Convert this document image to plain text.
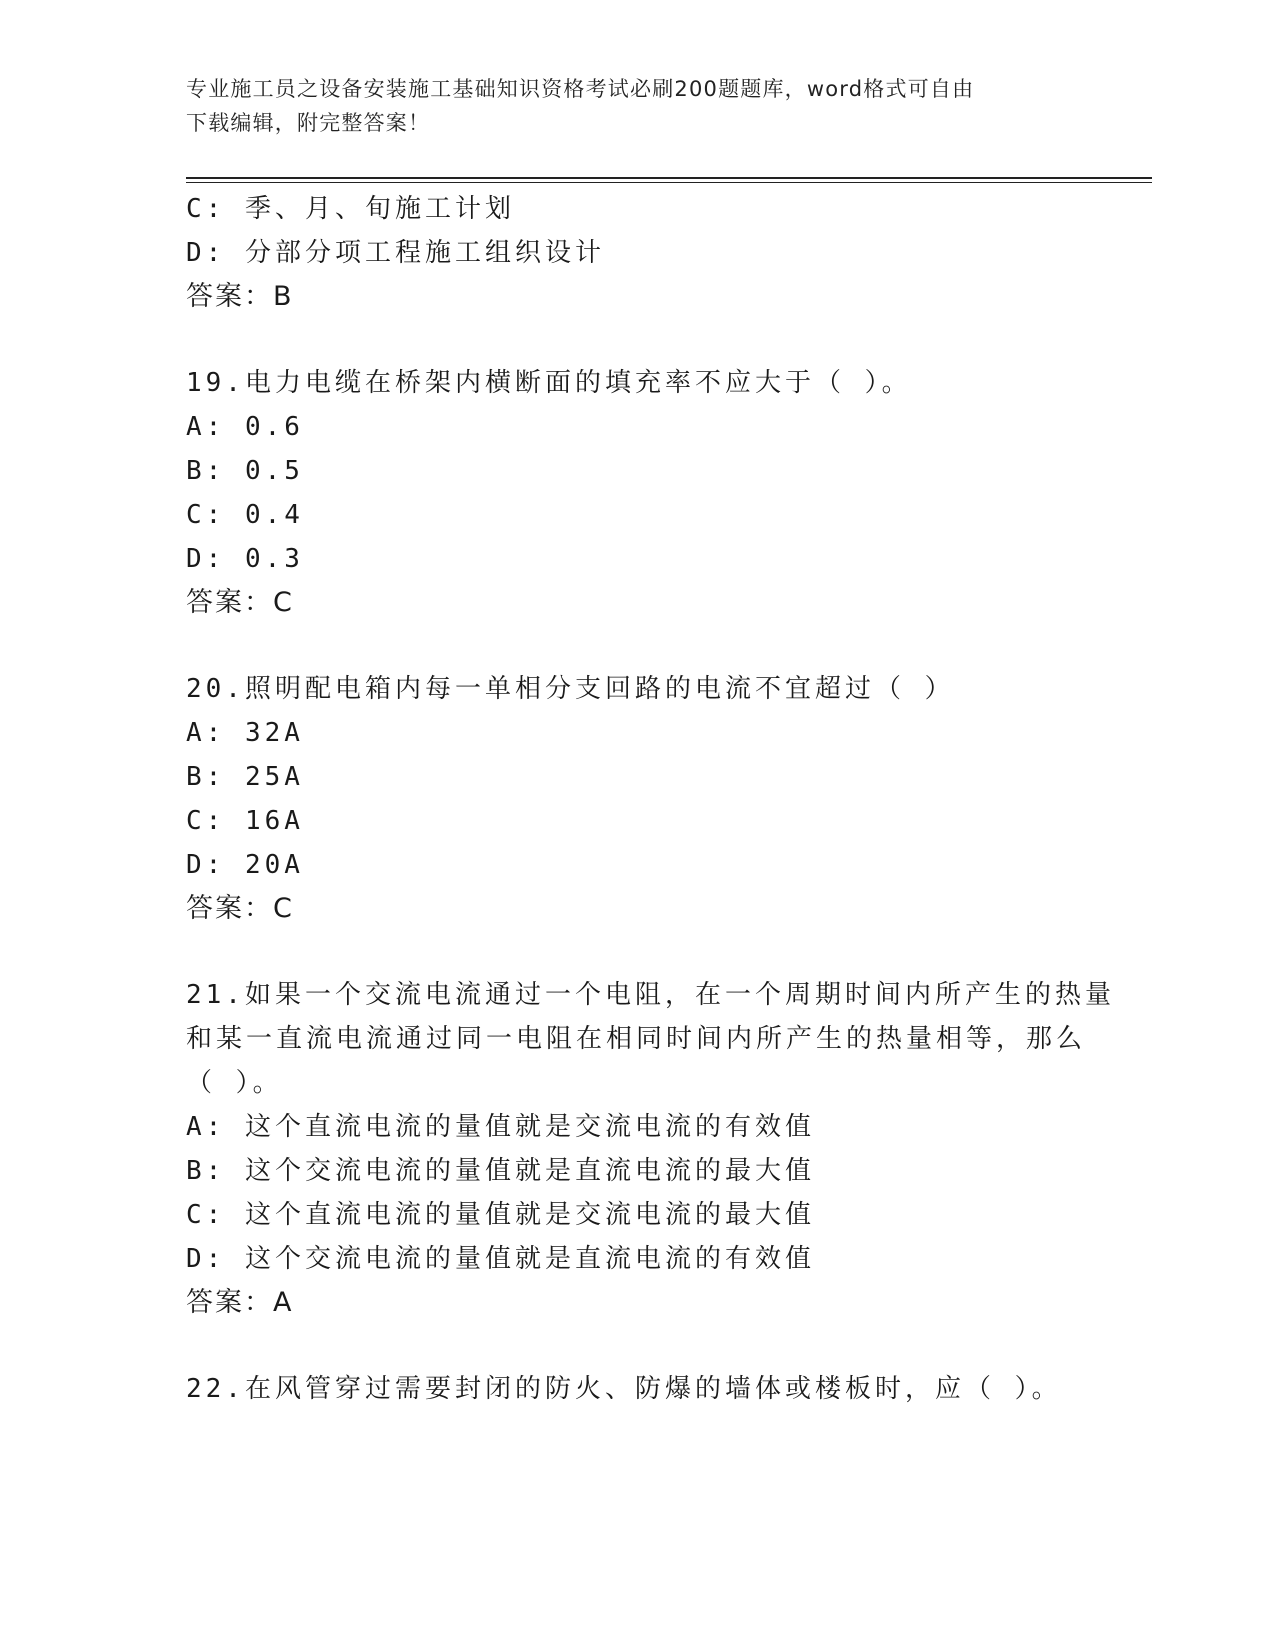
专业施工员之设备安装施工基础知识资格考试必刷200题题库，word格式可自由
下载编辑，附完整答案！
C: 季、月、旬施工计划
D: 分部分项工程施工组织设计
答案：B
19.电力电缆在桥架内横断面的填充率不应大于（ ）。
A: 0.6
B: 0.5
C: 0.4
D: 0.3
答案：C
20.照明配电箱内每一单相分支回路的电流不宜超过（ ）
A: 32A
B: 25A
C: 16A
D: 20A
答案：C
21.如果一个交流电流通过一个电阻，在一个周期时间内所产生的热量
和某一直流电流通过同一电阻在相同时间内所产生的热量相等，那么
（ ）。
A: 这个直流电流的量值就是交流电流的有效值
B: 这个交流电流的量值就是直流电流的最大值
C: 这个直流电流的量值就是交流电流的最大值
D: 这个交流电流的量值就是直流电流的有效值
答案：A
22.在风管穿过需要封闭的防火、防爆的墙体或楼板时，应（ ）。
